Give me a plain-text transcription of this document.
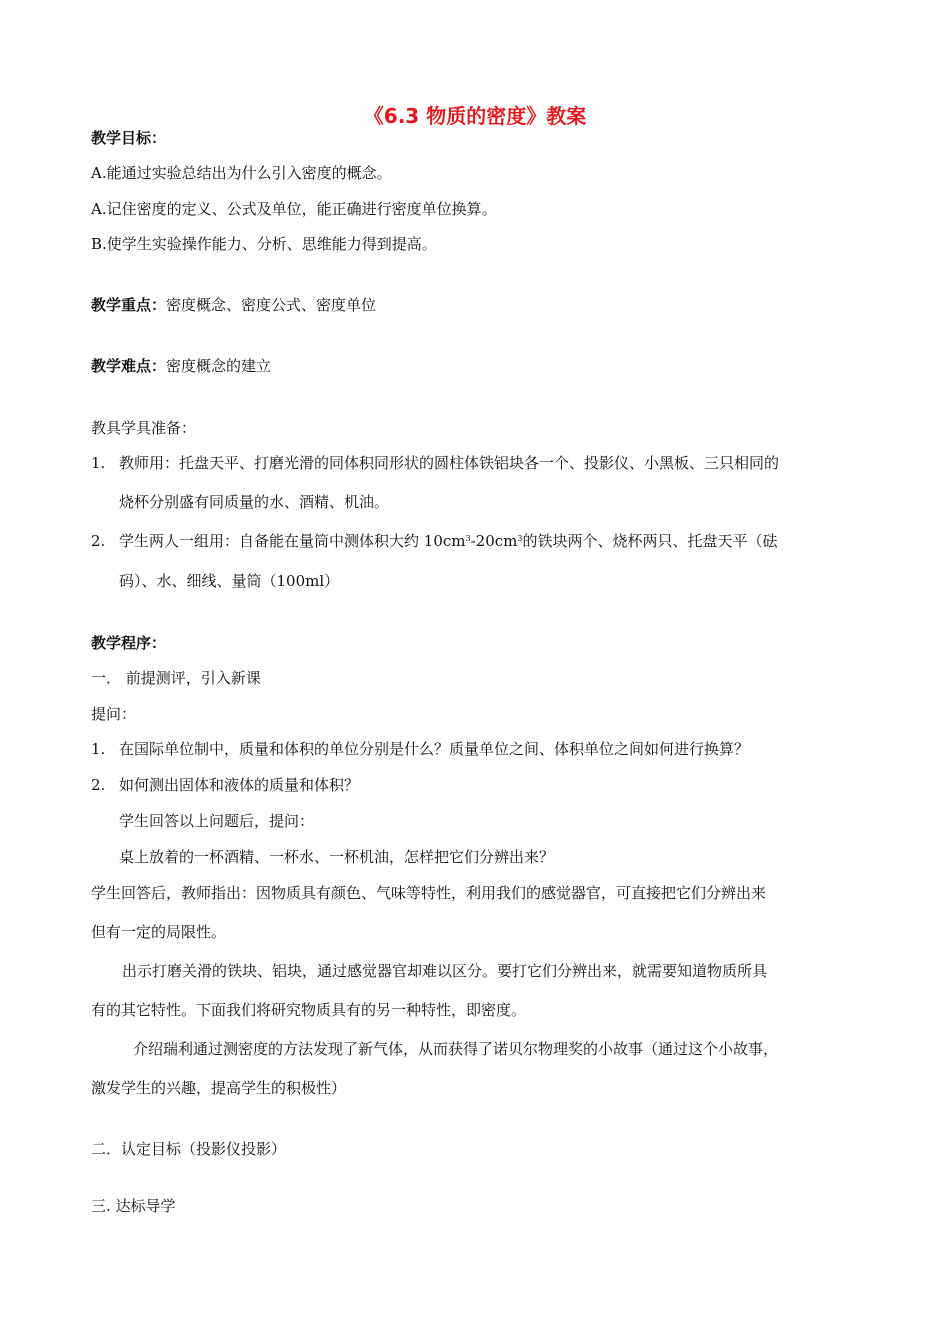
《6.3 物质的密度》教案
教学目标：
A.能通过实验总结出为什么引入密度的概念。
A.记住密度的定义、公式及单位，能正确进行密度单位换算。
B.使学生实验操作能力、分析、思维能力得到提高。
教学重点：密度概念、密度公式、密度单位
教学难点：密度概念的建立
教具学具准备：
1. 教师用：托盘天平、打磨光滑的同体积同形状的圆柱体铁铝块各一个、投影仪、小黑板、三只相同的
烧杯分别盛有同质量的水、酒精、机油。
2. 学生两人一组用：自备能在量筒中测体积大约 $10cm^3-20cm^3$的铁块两个、烧杯两只、托盘天平（砝
码）、水、细线、量筒（100ml）
教学程序：
一． 前提测评，引入新课
提问：
1. 在国际单位制中，质量和体积的单位分别是什么？质量单位之间、体积单位之间如何进行换算？
2. 如何测出固体和液体的质量和体积？
学生回答以上问题后，提问：
桌上放着的一杯酒精、一杯水、一杯机油，怎样把它们分辨出来？
学生回答后，教师指出：因物质具有颜色、气味等特性，利用我们的感觉器官，可直接把它们分辨出来
但有一定的局限性。
出示打磨关滑的铁块、铝块，通过感觉器官却难以区分。要打它们分辨出来，就需要知道物质所具
有的其它特性。下面我们将研究物质具有的另一种特性，即密度。
介绍瑞利通过测密度的方法发现了新气体，从而获得了诺贝尔物理奖的小故事（通过这个小故事，
激发学生的兴趣，提高学生的积极性）
二．认定目标（投影仪投影）
三. 达标导学
